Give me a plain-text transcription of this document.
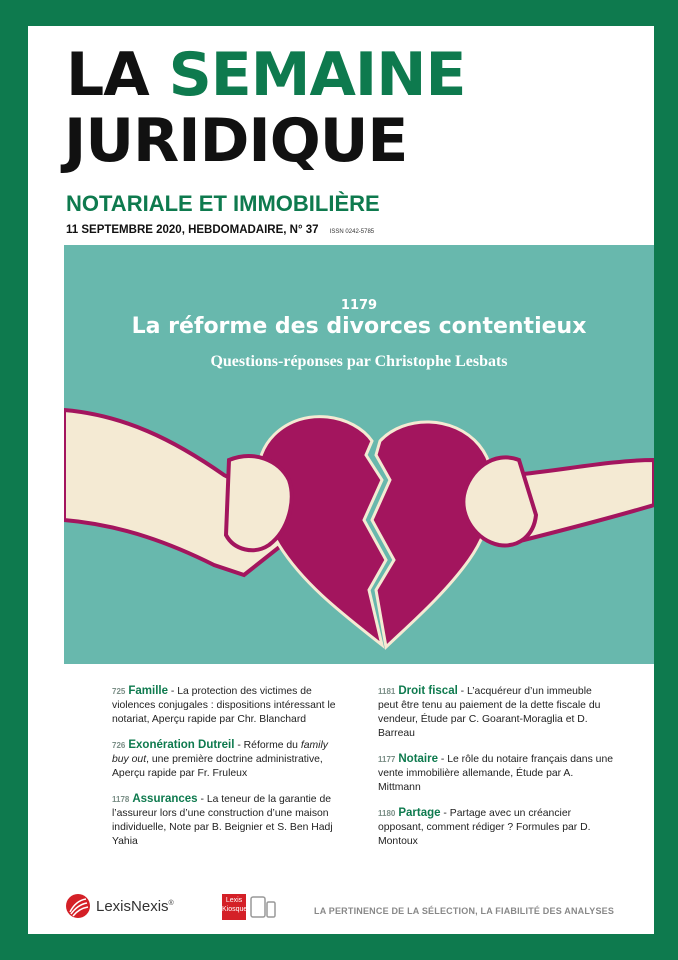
LA SEMAINE
JURIDIQUE
NOTARIALE ET IMMOBILIÈRE
11 SEPTEMBRE 2020, HEBDOMADAIRE, N° 37 ISSN 0242-5785
1179
La réforme des divorces contentieux
Questions-réponses par Christophe Lesbats
725 Famille - La protection des victimes de violences conjugales : dispositions intéressant le notariat, Aperçu rapide par Chr. Blanchard
726 Exonération Dutreil - Réforme du family buy out, une première doctrine administrative, Aperçu rapide par Fr. Fruleux
1178 Assurances - La teneur de la garantie de l’assureur lors d’une construction d’une maison individuelle, Note par B. Beignier et S. Ben Hadj Yahia
1181 Droit fiscal - L’acquéreur d’un immeuble peut être tenu au paiement de la dette fiscale du vendeur, Étude par C. Goarant-Moraglia et D. Barreau
1177 Notaire - Le rôle du notaire français dans une vente immobilière allemande, Étude par A. Mittmann
1180 Partage - Partage avec un créancier opposant, comment rédiger ? Formules par D. Montoux
LexisNexis®	Lexis
Kiosque	LA PERTINENCE DE LA SÉLECTION, LA FIABILITÉ DES ANALYSES
